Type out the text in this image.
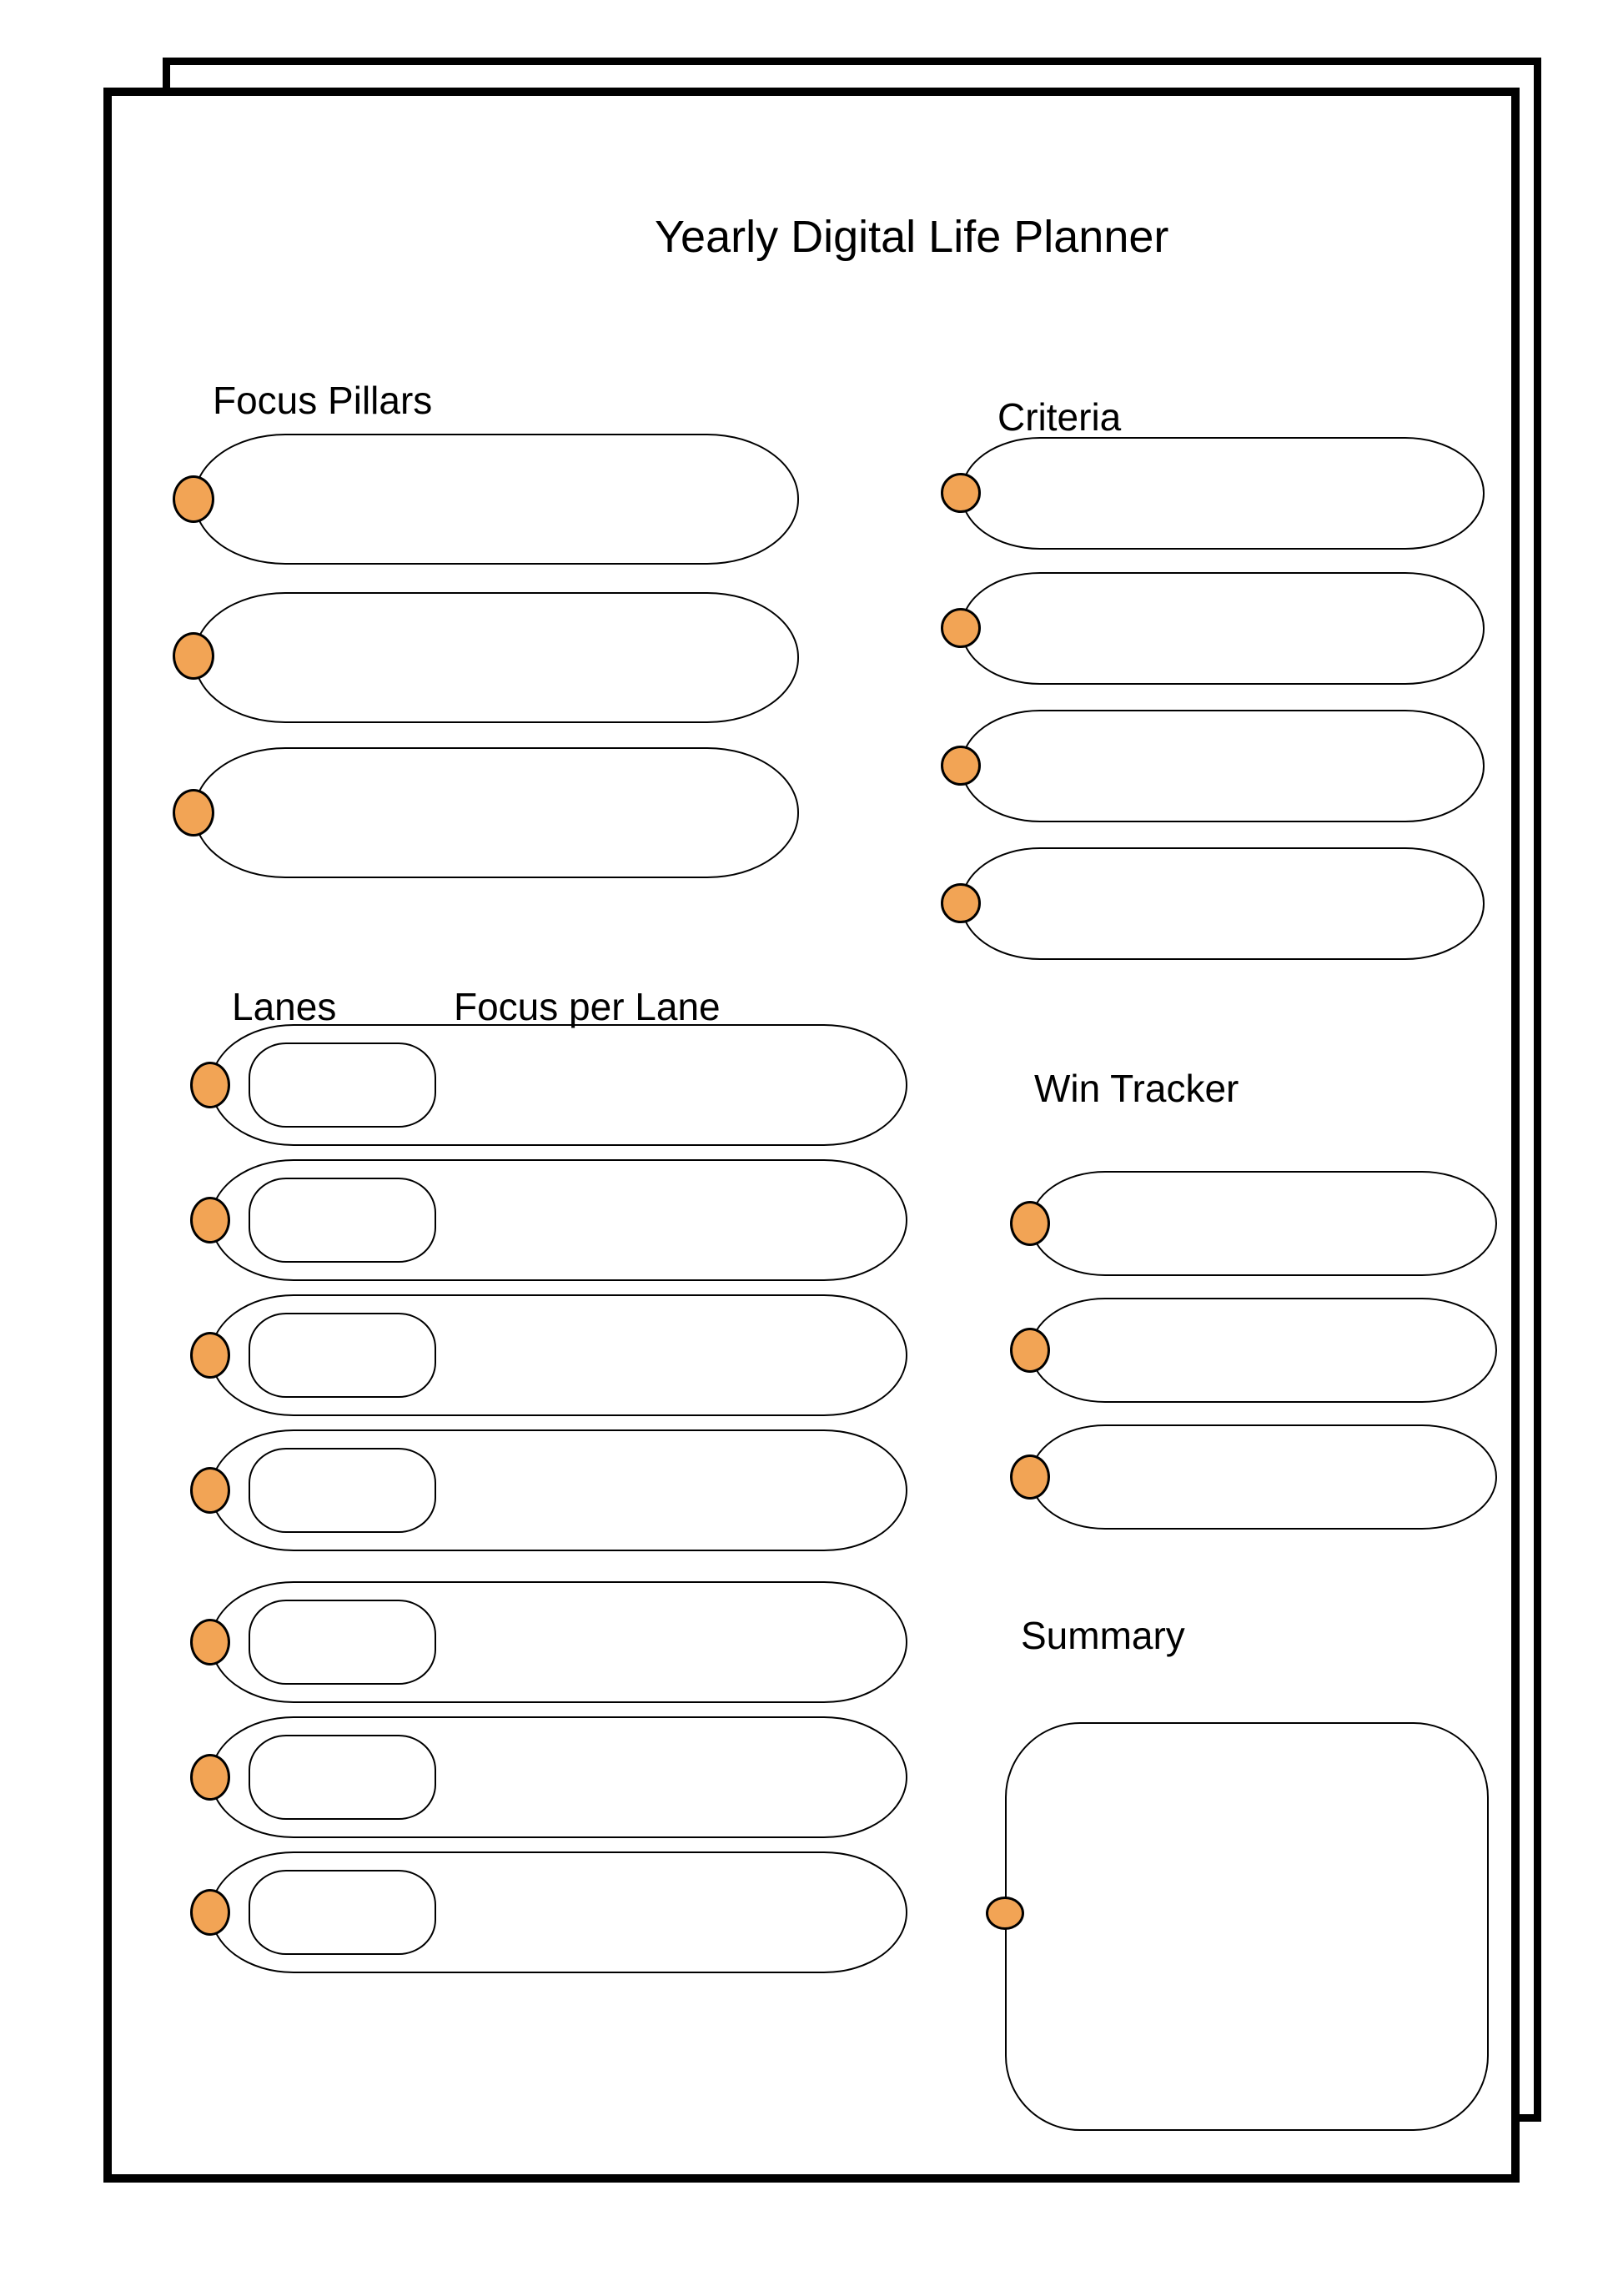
Yearly Digital Life Planner
Focus Pillars	Criteria
Lanes	Focus per Lane
Win Tracker
Summary
